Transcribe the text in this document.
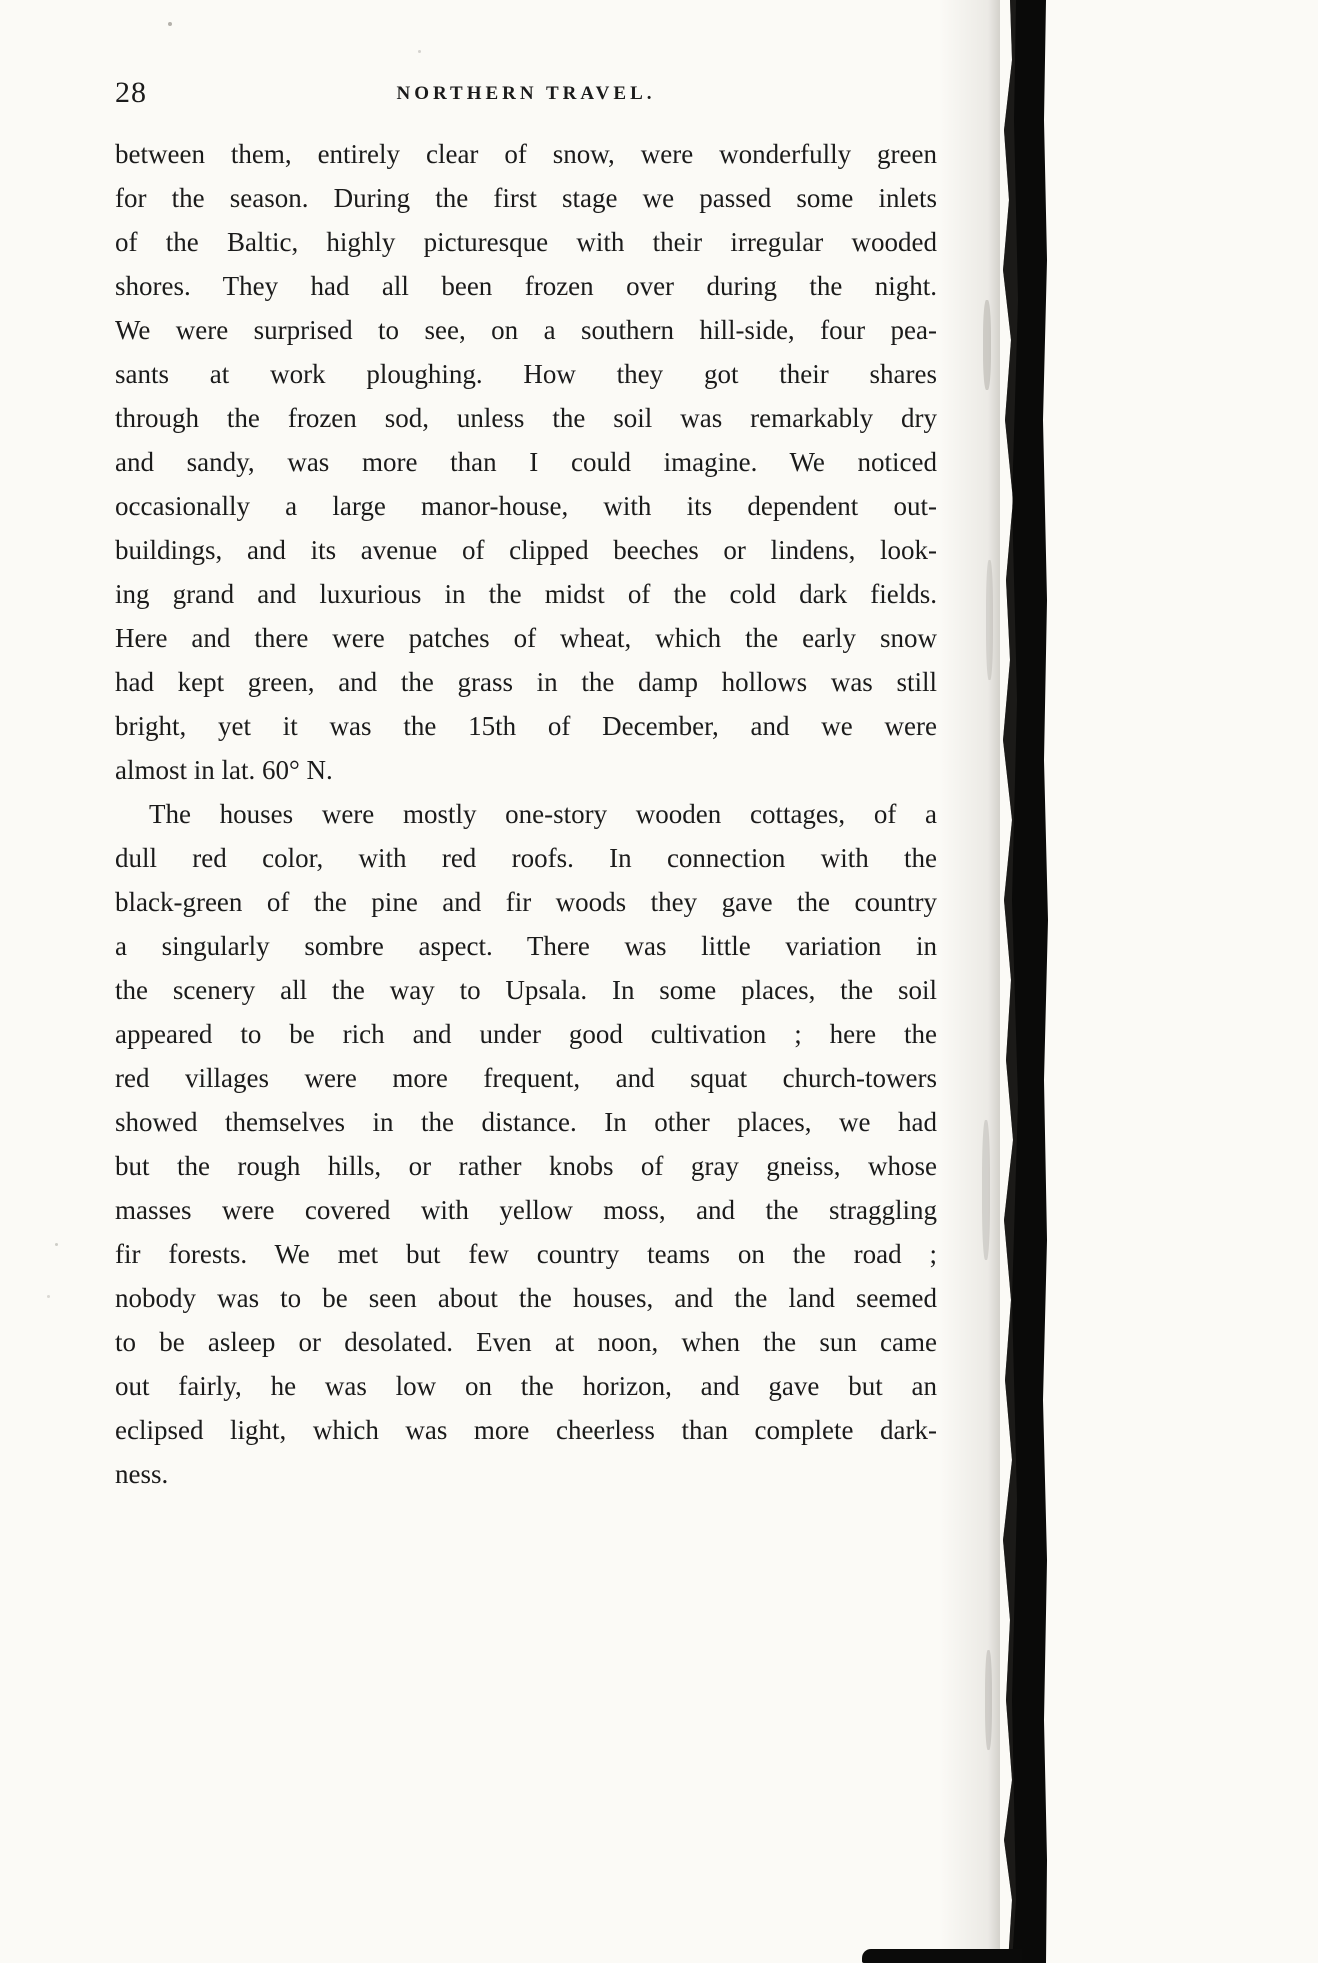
28	NORTHERN TRAVEL.
between them, entirely clear of snow, were wonderfully green
for the season. During the first stage we passed some inlets
of the Baltic, highly picturesque with their irregular wooded
shores. They had all been frozen over during the night.
We were surprised to see, on a southern hill-side, four pea-
sants at work ploughing. How they got their shares
through the frozen sod, unless the soil was remarkably dry
and sandy, was more than I could imagine. We noticed
occasionally a large manor-house, with its dependent out-
buildings, and its avenue of clipped beeches or lindens, look-
ing grand and luxurious in the midst of the cold dark fields.
Here and there were patches of wheat, which the early snow
had kept green, and the grass in the damp hollows was still
bright, yet it was the 15th of December, and we were
almost in lat. 60° N.
The houses were mostly one-story wooden cottages, of a
dull red color, with red roofs. In connection with the
black-green of the pine and fir woods they gave the country
a singularly sombre aspect. There was little variation in
the scenery all the way to Upsala. In some places, the soil
appeared to be rich and under good cultivation ; here the
red villages were more frequent, and squat church-towers
showed themselves in the distance. In other places, we had
but the rough hills, or rather knobs of gray gneiss, whose
masses were covered with yellow moss, and the straggling
fir forests. We met but few country teams on the road ;
nobody was to be seen about the houses, and the land seemed
to be asleep or desolated. Even at noon, when the sun came
out fairly, he was low on the horizon, and gave but an
eclipsed light, which was more cheerless than complete dark-
ness.
